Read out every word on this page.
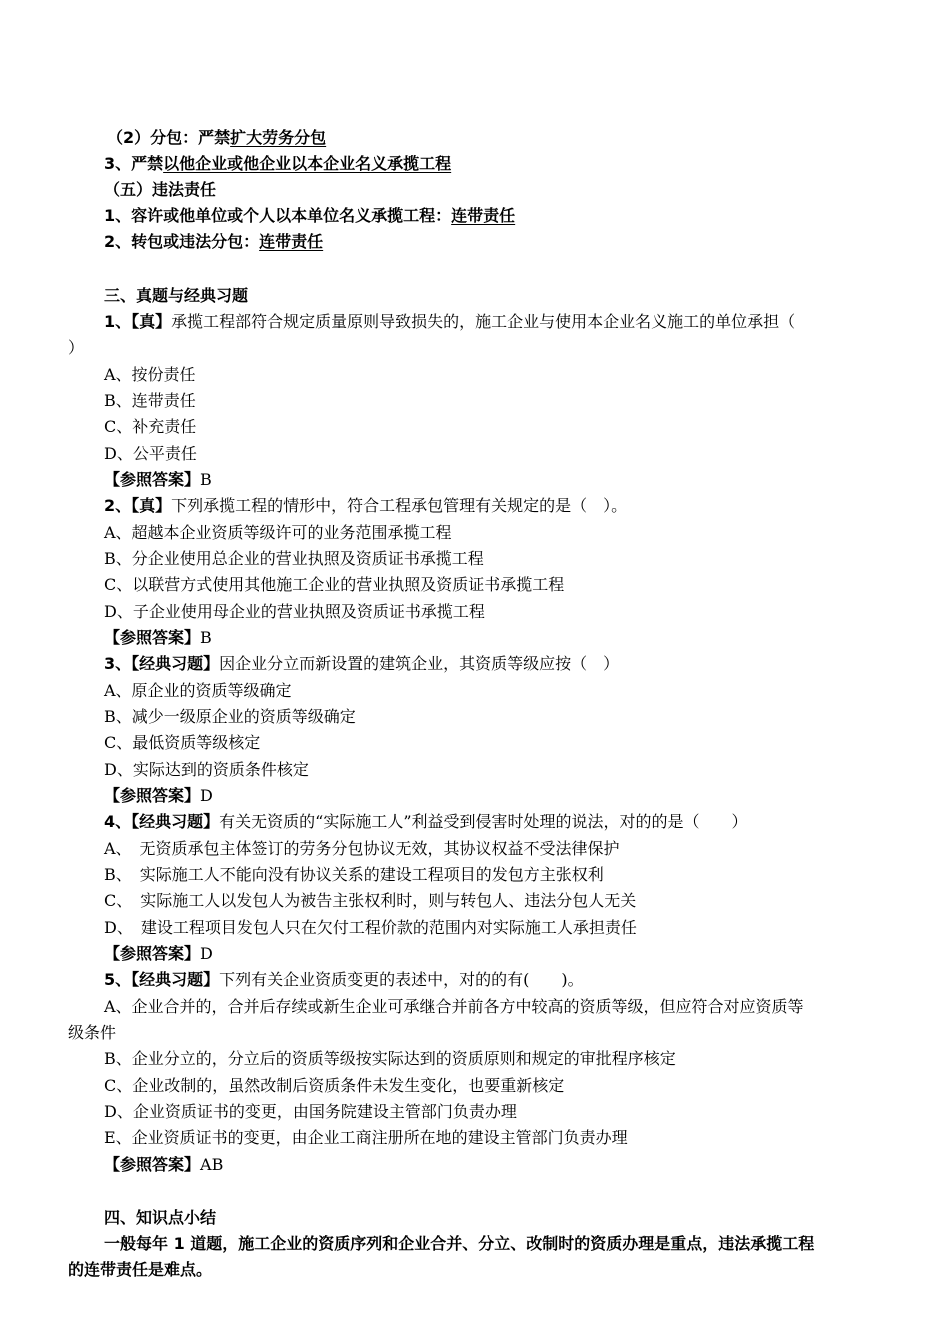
（2）分包：严禁扩大劳务分包
3、严禁以他企业或他企业以本企业名义承揽工程
（五）违法责任
1、容许或他单位或个人以本单位名义承揽工程：连带责任
2、转包或违法分包：连带责任
三、真题与经典习题
1、【真】承揽工程部符合规定质量原则导致损失的，施工企业与使用本企业名义施工的单位承担（
）
A、按份责任
B、连带责任
C、补充责任
D、公平责任
【参照答案】B
2、【真】下列承揽工程的情形中，符合工程承包管理有关规定的是（　）。
A、超越本企业资质等级许可的业务范围承揽工程
B、分企业使用总企业的营业执照及资质证书承揽工程
C、以联营方式使用其他施工企业的营业执照及资质证书承揽工程
D、子企业使用母企业的营业执照及资质证书承揽工程
【参照答案】B
3、【经典习题】因企业分立而新设置的建筑企业，其资质等级应按（　）
A、原企业的资质等级确定
B、减少一级原企业的资质等级确定
C、最低资质等级核定
D、实际达到的资质条件核定
【参照答案】D
4、【经典习题】有关无资质的“实际施工人”利益受到侵害时处理的说法，对的的是（　　）
A、　无资质承包主体签订的劳务分包协议无效，其协议权益不受法律保护
B、　实际施工人不能向没有协议关系的建设工程项目的发包方主张权利
C、　实际施工人以发包人为被告主张权利时，则与转包人、违法分包人无关
D、　建设工程项目发包人只在欠付工程价款的范围内对实际施工人承担责任
【参照答案】D
5、【经典习题】下列有关企业资质变更的表述中，对的的有(　　)。
A、企业合并的，合并后存续或新生企业可承继合并前各方中较高的资质等级，但应符合对应资质等
级条件
B、企业分立的，分立后的资质等级按实际达到的资质原则和规定的审批程序核定
C、企业改制的，虽然改制后资质条件未发生变化，也要重新核定
D、企业资质证书的变更，由国务院建设主管部门负责办理
E、企业资质证书的变更，由企业工商注册所在地的建设主管部门负责办理
【参照答案】AB
四、知识点小结
一般每年 1 道题，施工企业的资质序列和企业合并、分立、改制时的资质办理是重点，违法承揽工程
的连带责任是难点。
